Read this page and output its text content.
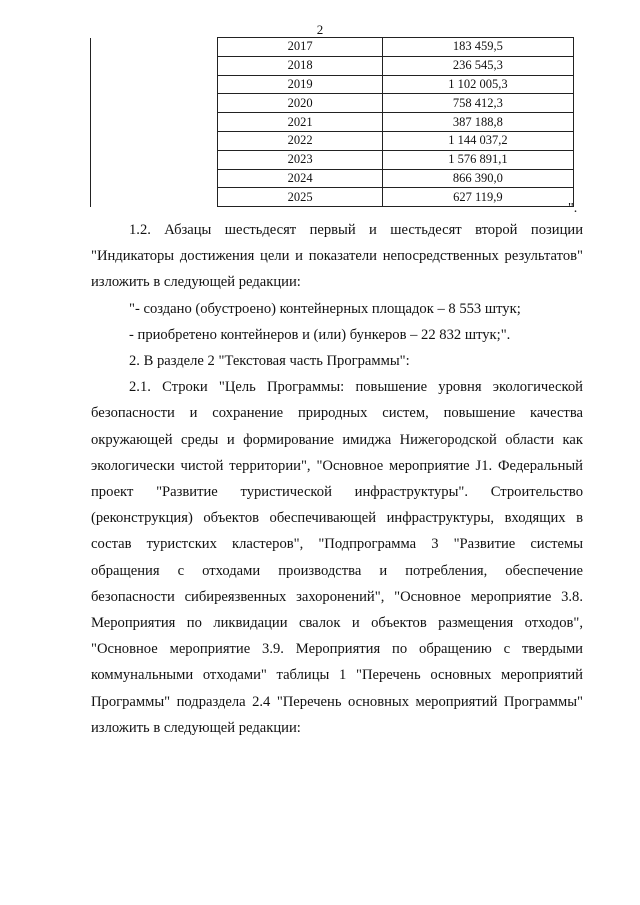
2
	2017	183 459,5
	2018	236 545,3
	2019	1 102 005,3
	2020	758 412,3
	2021	387 188,8
	2022	1 144 037,2
	2023	1 576 891,1
	2024	866 390,0
	2025	627 119,9
".

1.2. Абзацы шестьдесят первый и шестьдесят второй позиции "Индикаторы достижения цели и показатели непосредственных результатов" изложить в следующей редакции:

"- создано (обустроено) контейнерных площадок – 8 553 штук;

- приобретено контейнеров и (или) бункеров – 22 832 штук;".

2. В разделе 2 "Текстовая часть Программы":

2.1. Строки "Цель Программы: повышение уровня экологической безопасности и сохранение природных систем, повышение качества окружающей среды и формирование имиджа Нижегородской области как экологически чистой территории", "Основное мероприятие J1. Федеральный проект "Развитие туристической инфраструктуры". Строительство (реконструкция) объектов обеспечивающей инфраструктуры, входящих в состав туристских кластеров", "Подпрограмма 3 "Развитие системы обращения с отходами производства и потребления, обеспечение безопасности сибиреязвенных захоронений", "Основное мероприятие 3.8. Мероприятия по ликвидации свалок и объектов размещения отходов", "Основное мероприятие 3.9. Мероприятия по обращению с твердыми коммунальными отходами" таблицы 1 "Перечень основных мероприятий Программы" подраздела 2.4 "Перечень основных мероприятий Программы" изложить в следующей редакции:
